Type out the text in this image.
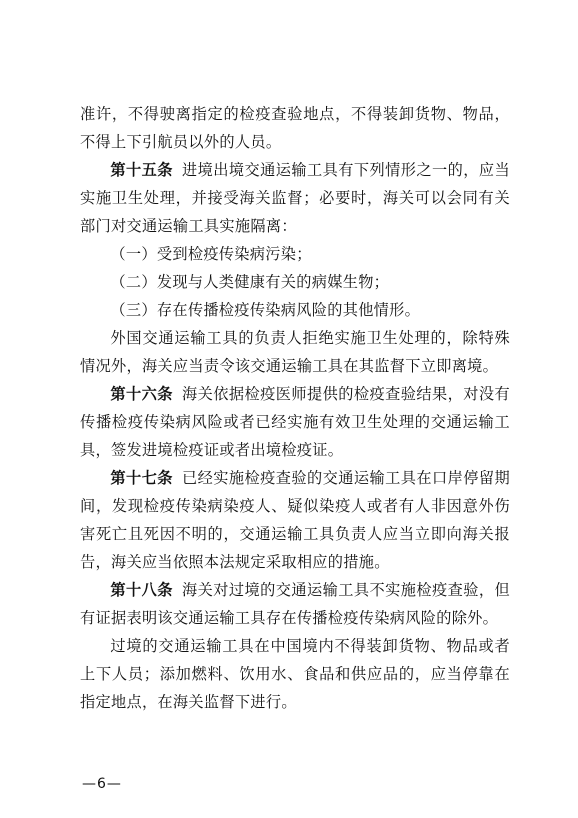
准许，不得驶离指定的检疫查验地点，不得装卸货物、物品，不得上下引航员以外的人员。

第十五条 进境出境交通运输工具有下列情形之一的，应当实施卫生处理，并接受海关监督；必要时，海关可以会同有关部门对交通运输工具实施隔离：

（一）受到检疫传染病污染；

（二）发现与人类健康有关的病媒生物；

（三）存在传播检疫传染病风险的其他情形。

外国交通运输工具的负责人拒绝实施卫生处理的，除特殊情况外，海关应当责令该交通运输工具在其监督下立即离境。

第十六条 海关依据检疫医师提供的检疫查验结果，对没有传播检疫传染病风险或者已经实施有效卫生处理的交通运输工具，签发进境检疫证或者出境检疫证。

第十七条 已经实施检疫查验的交通运输工具在口岸停留期间，发现检疫传染病染疫人、疑似染疫人或者有人非因意外伤害死亡且死因不明的，交通运输工具负责人应当立即向海关报告，海关应当依照本法规定采取相应的措施。

第十八条 海关对过境的交通运输工具不实施检疫查验，但有证据表明该交通运输工具存在传播检疫传染病风险的除外。

过境的交通运输工具在中国境内不得装卸货物、物品或者上下人员；添加燃料、饮用水、食品和供应品的，应当停靠在指定地点，在海关监督下进行。

—6—
